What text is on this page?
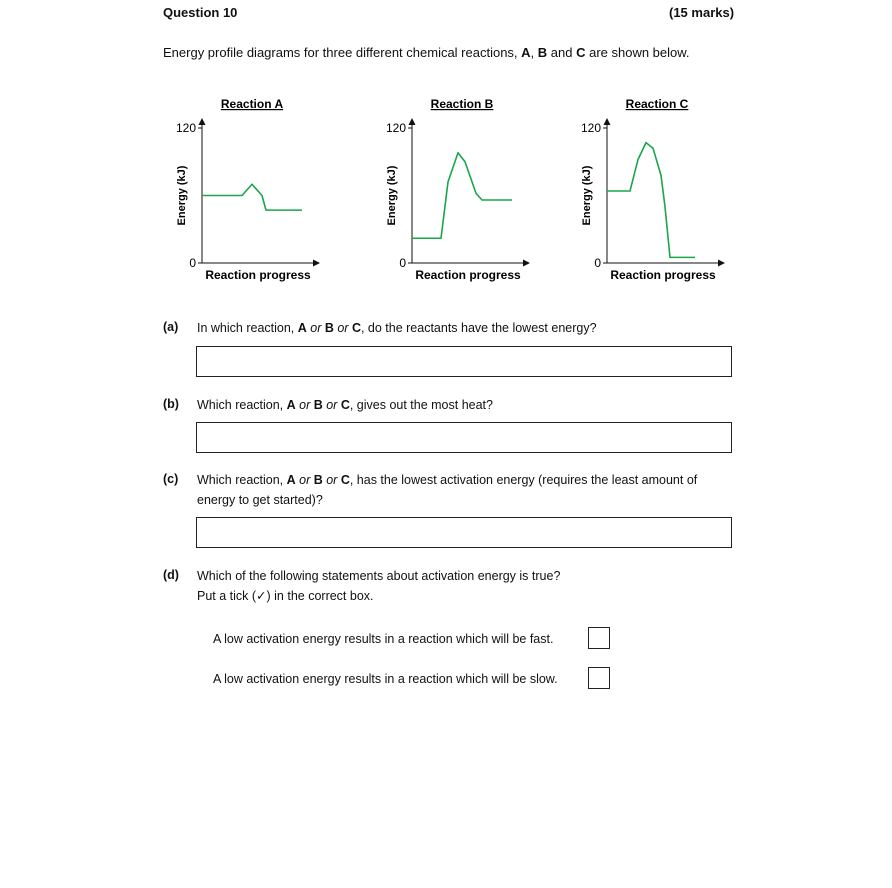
Question 10	(15 marks)
Energy profile diagrams for three different chemical reactions, A, B and C are shown below.
Reaction A
0
120
Reaction progress
Energy (kJ)
Reaction B
0
120
Reaction progress
Energy (kJ)
Reaction C
0
120
Reaction progress
Energy (kJ)
(a) In which reaction, A or B or C, do the reactants have the lowest energy?
(b) Which reaction, A or B or C, gives out the most heat?
(c) Which reaction, A or B or C, has the lowest activation energy (requires the least amount of
energy to get started)?
(d) Which of the following statements about activation energy is true?
Put a tick (✓) in the correct box.
A low activation energy results in a reaction which will be fast.
A low activation energy results in a reaction which will be slow.
